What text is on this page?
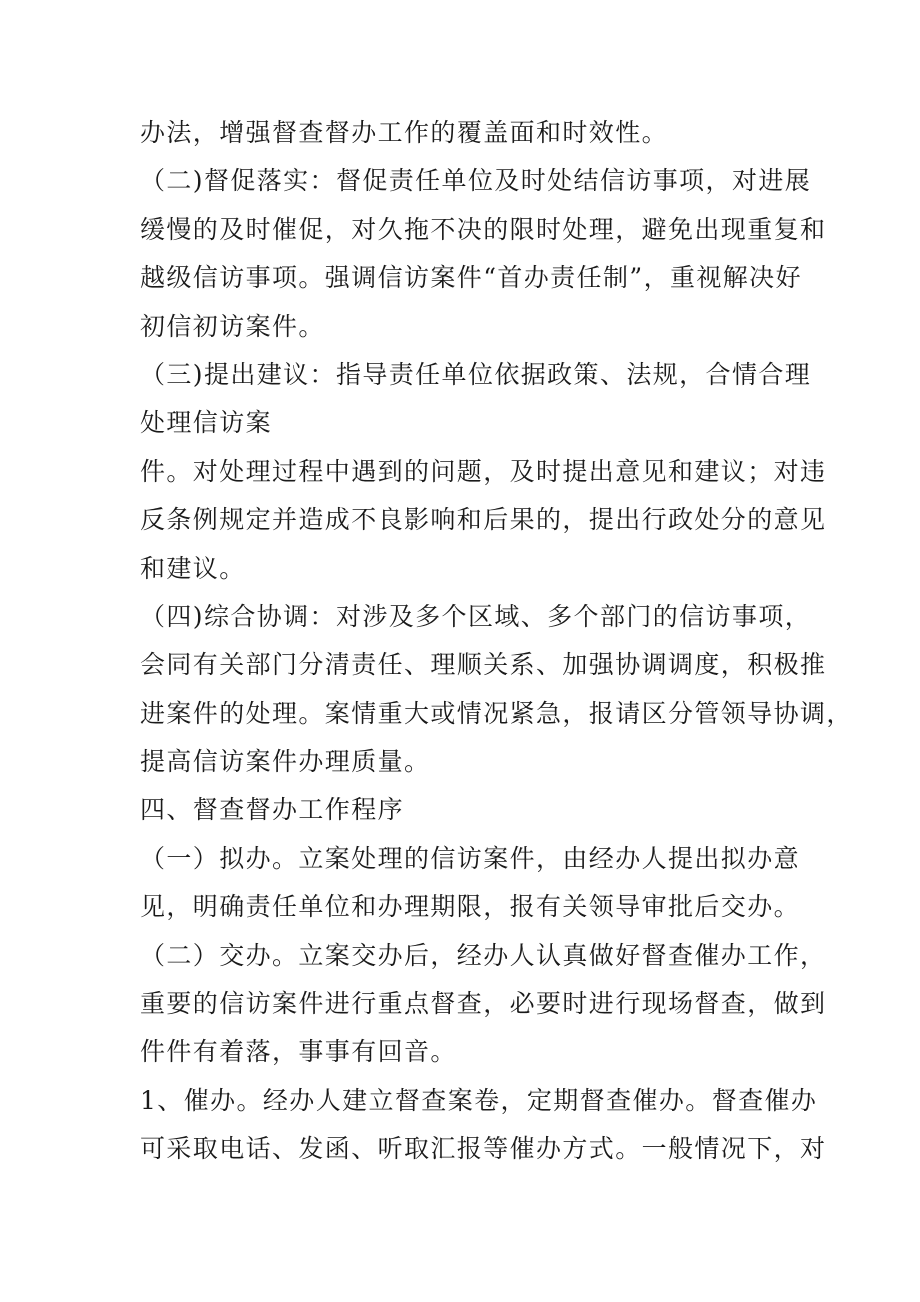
办法，增强督查督办工作的覆盖面和时效性。
（二)督促落实：督促责任单位及时处结信访事项，对进展
缓慢的及时催促，对久拖不决的限时处理，避免出现重复和
越级信访事项。强调信访案件“首办责任制”，重视解决好
初信初访案件。
（三)提出建议：指导责任单位依据政策、法规，合情合理
处理信访案
件。对处理过程中遇到的问题，及时提出意见和建议；对违
反条例规定并造成不良影响和后果的，提出行政处分的意见
和建议。
（四)综合协调：对涉及多个区域、多个部门的信访事项，
会同有关部门分清责任、理顺关系、加强协调调度，积极推
进案件的处理。案情重大或情况紧急，报请区分管领导协调，
提高信访案件办理质量。
四、督查督办工作程序
（一）拟办。立案处理的信访案件，由经办人提出拟办意
见，明确责任单位和办理期限，报有关领导审批后交办。
（二）交办。立案交办后，经办人认真做好督查催办工作，
重要的信访案件进行重点督查，必要时进行现场督查，做到
件件有着落，事事有回音。
1、催办。经办人建立督查案卷，定期督查催办。督查催办
可采取电话、发函、听取汇报等催办方式。一般情况下，对
